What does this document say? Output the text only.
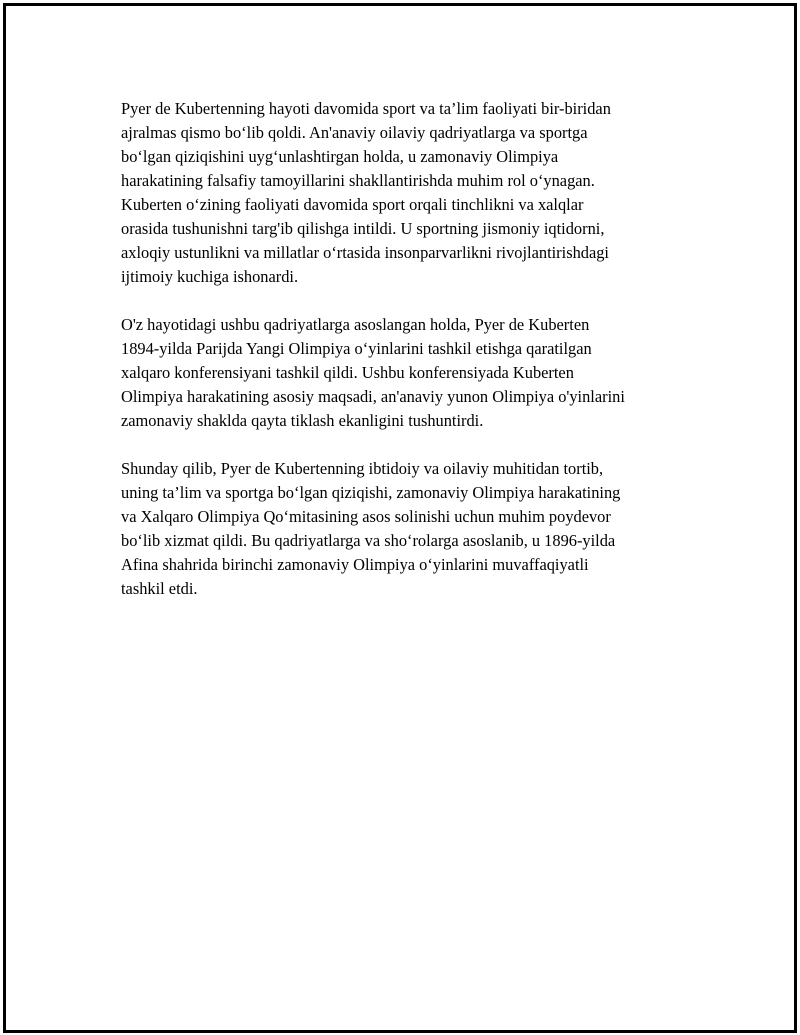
Pyer de Kubertenning hayoti davomida sport va ta’lim faoliyati bir-biridan
ajralmas qismo bo‘lib qoldi. An'anaviy oilaviy qadriyatlarga va sportga
bo‘lgan qiziqishini uyg‘unlashtirgan holda, u zamonaviy Olimpiya
harakatining falsafiy tamoyillarini shakllantirishda muhim rol o‘ynagan.
Kuberten o‘zining faoliyati davomida sport orqali tinchlikni va xalqlar
orasida tushunishni targ'ib qilishga intildi. U sportning jismoniy iqtidorni,
axloqiy ustunlikni va millatlar o‘rtasida insonparvarlikni rivojlantirishdagi
ijtimoiy kuchiga ishonardi.

O'z hayotidagi ushbu qadriyatlarga asoslangan holda, Pyer de Kuberten
1894-yilda Parijda Yangi Olimpiya o‘yinlarini tashkil etishga qaratilgan
xalqaro konferensiyani tashkil qildi. Ushbu konferensiyada Kuberten
Olimpiya harakatining asosiy maqsadi, an'anaviy yunon Olimpiya o'yinlarini
zamonaviy shaklda qayta tiklash ekanligini tushuntirdi.

Shunday qilib, Pyer de Kubertenning ibtidoiy va oilaviy muhitidan tortib,
uning ta’lim va sportga bo‘lgan qiziqishi, zamonaviy Olimpiya harakatining
va Xalqaro Olimpiya Qo‘mitasining asos solinishi uchun muhim poydevor
bo‘lib xizmat qildi. Bu qadriyatlarga va sho‘rolarga asoslanib, u 1896-yilda
Afina shahrida birinchi zamonaviy Olimpiya o‘yinlarini muvaffaqiyatli
tashkil etdi.
